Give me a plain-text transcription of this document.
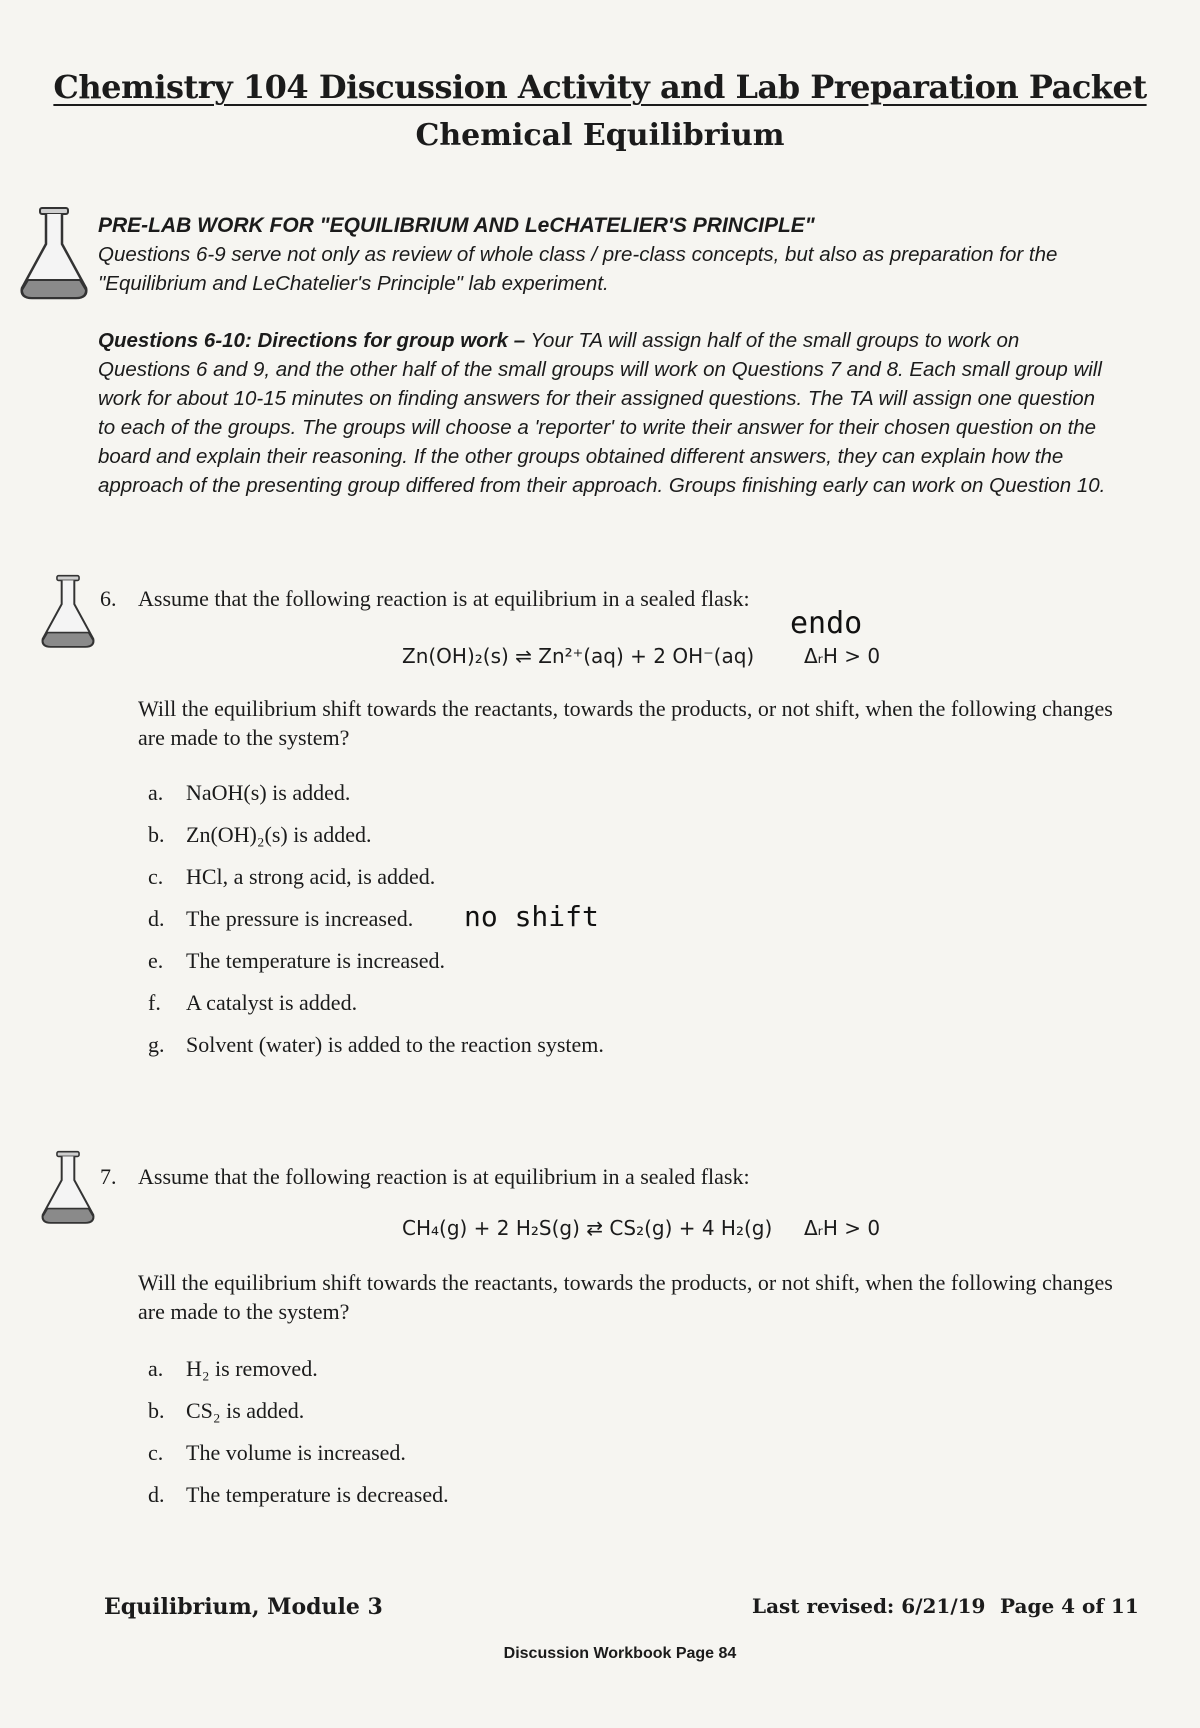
Chemistry 104 Discussion Activity and Lab Preparation Packet
Chemical Equilibrium
PRE-LAB WORK FOR "EQUILIBRIUM AND LeCHATELIER'S PRINCIPLE"
Questions 6-9 serve not only as review of whole class / pre-class concepts, but also as preparation for the "Equilibrium and LeChatelier's Principle" lab experiment.
Questions 6-10: Directions for group work – Your TA will assign half of the small groups to work on Questions 6 and 9, and the other half of the small groups will work on Questions 7 and 8. Each small group will work for about 10-15 minutes on finding answers for their assigned questions. The TA will assign one question to each of the groups. The groups will choose a 'reporter' to write their answer for their chosen question on the board and explain their reasoning. If the other groups obtained different answers, they can explain how the approach of the presenting group differed from their approach. Groups finishing early can work on Question 10.
6. Assume that the following reaction is at equilibrium in a sealed flask:
endo
Zn(OH)₂(s) ⇌ Zn²⁺(aq) + 2 OH⁻(aq) ΔᵣH > 0
Will the equilibrium shift towards the reactants, towards the products, or not shift, when the following changes are made to the system?
a. NaOH(s) is added.
b. Zn(OH)₂(s) is added.
c. HCl, a strong acid, is added.
d. The pressure is increased. no shift
e. The temperature is increased.
f. A catalyst is added.
g. Solvent (water) is added to the reaction system.
7. Assume that the following reaction is at equilibrium in a sealed flask:
CH₄(g) + 2 H₂S(g) ⇄ CS₂(g) + 4 H₂(g) ΔᵣH > 0
Will the equilibrium shift towards the reactants, towards the products, or not shift, when the following changes are made to the system?
a. H₂ is removed.
b. CS₂ is added.
c. The volume is increased.
d. The temperature is decreased.
Equilibrium, Module 3	Last revised: 6/21/19 Page 4 of 11
Discussion Workbook Page 84
